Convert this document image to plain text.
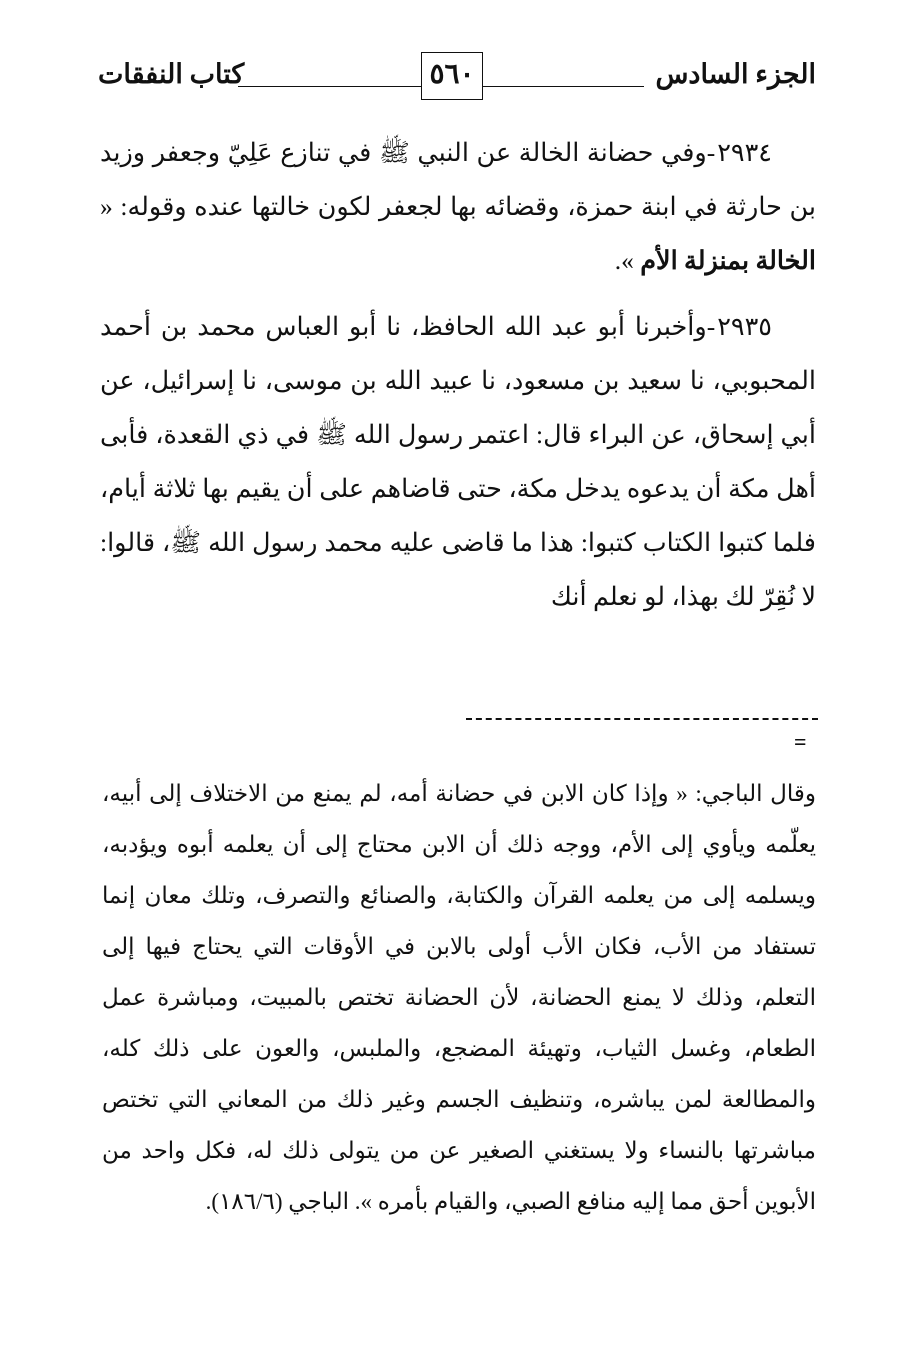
الجزء السادس
كتاب النفقات	٥٦٠

٢٩٣٤-وفي حضانة الخالة عن النبي ﷺ في تنازع عَلِيّ وجعفر وزيد بن حارثة في ابنة حمزة، وقضائه بها لجعفر لكون خالتها عنده وقوله: « الخالة بمنزلة الأم ».

٢٩٣٥-وأخبرنا أبو عبد الله الحافظ، نا أبو العباس محمد بن أحمد المحبوبي، نا سعيد بن مسعود، نا عبيد الله بن موسى، نا إسرائيل، عن أبي إسحاق، عن البراء قال: اعتمر رسول الله ﷺ في ذي القعدة، فأبى أهل مكة أن يدعوه يدخل مكة، حتى قاضاهم على أن يقيم بها ثلاثة أيام، فلما كتبوا الكتاب كتبوا: هذا ما قاضى عليه محمد رسول الله ﷺ، قالوا: لا نُقِرّ لك بهذا، لو نعلم أنك

=

وقال الباجي: « وإذا كان الابن في حضانة أمه، لم يمنع من الاختلاف إلى أبيه، يعلّمه ويأوي إلى الأم، ووجه ذلك أن الابن محتاج إلى أن يعلمه أبوه ويؤدبه، ويسلمه إلى من يعلمه القرآن والكتابة، والصنائع والتصرف، وتلك معان إنما تستفاد من الأب، فكان الأب أولى بالابن في الأوقات التي يحتاج فيها إلى التعلم، وذلك لا يمنع الحضانة، لأن الحضانة تختص بالمبيت، ومباشرة عمل الطعام، وغسل الثياب، وتهيئة المضجع، والملبس، والعون على ذلك كله، والمطالعة لمن يباشره، وتنظيف الجسم وغير ذلك من المعاني التي تختص مباشرتها بالنساء ولا يستغني الصغير عن من يتولى ذلك له، فكل واحد من الأبوين أحق مما إليه منافع الصبي، والقيام بأمره ». الباجي (١٨٦/٦).
